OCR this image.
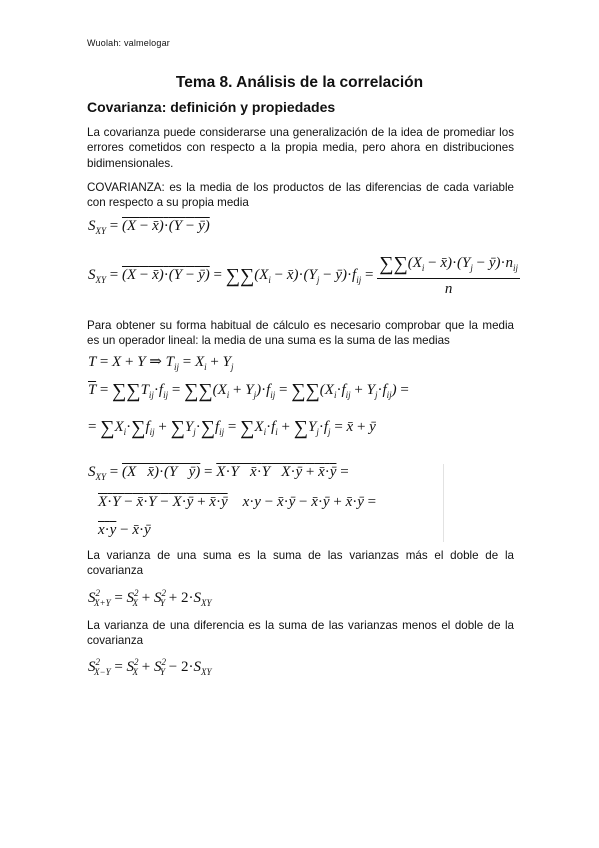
Wuolah: valmelogar
Tema 8. Análisis de la correlación
Covarianza: definición y propiedades
La covarianza puede considerarse una generalización de la idea de promediar los errores cometidos con respecto a la propia media, pero ahora en distribuciones bidimensionales.
COVARIANZA: es la media de los productos de las diferencias de cada variable con respecto a su propia media
$S_{XY} = (X$ − x̄)·(Y − ȳ)
$S_{XY} = (X$ − x̄)·(Y − ȳ) = $\sum\sum(X_i$ − $x̄)\cdot(Y_j$ − $ȳ)\cdot f_{ij} = \frac{\sum\sum(X_i - x̄)\cdot(Y_j - ȳ)\cdot n_{ij}}{n}$
Para obtener su forma habitual de cálculo es necesario comprobar que la media es un operador lineal: la media de una suma es la suma de las medias
T = X + Y ⇒ $T_{ij} = X_i + Y_j$
$\overline{T} = \sum\sum T_{ij}\cdot f_{ij} = \sum\sum(X_i + Y_j)\cdot f_{ij} = \sum\sum(X_i\cdot f_{ij} + Y_j\cdot f_{ij})$ =
= $\sum X_i\cdot\sum f_{ij} + \sum Y_j\cdot\sum f_{ij} = \sum X_i\cdot f_i + \sum Y_j\cdot f_j$ = x̄ + ȳ
$S_{XY} = (X$   x̄)·(Y   ȳ) = X·Y   x̄·Y   X·ȳ + x̄·ȳ =
X·Y − x̄·Y − X·ȳ + x̄·ȳ    x·y − x̄·ȳ − x̄·ȳ + x̄·ȳ =
x·y − x̄·ȳ
La varianza de una suma es la suma de las varianzas más el doble de la covarianza
$S^2_{X+Y} = S^2_X + S^2_Y + 2\cdot S_{XY}$
La varianza de una diferencia es la suma de las varianzas menos el doble de la covarianza
$S^2_{X-Y} = S^2_X + S^2_Y - 2\cdot S_{XY}$
